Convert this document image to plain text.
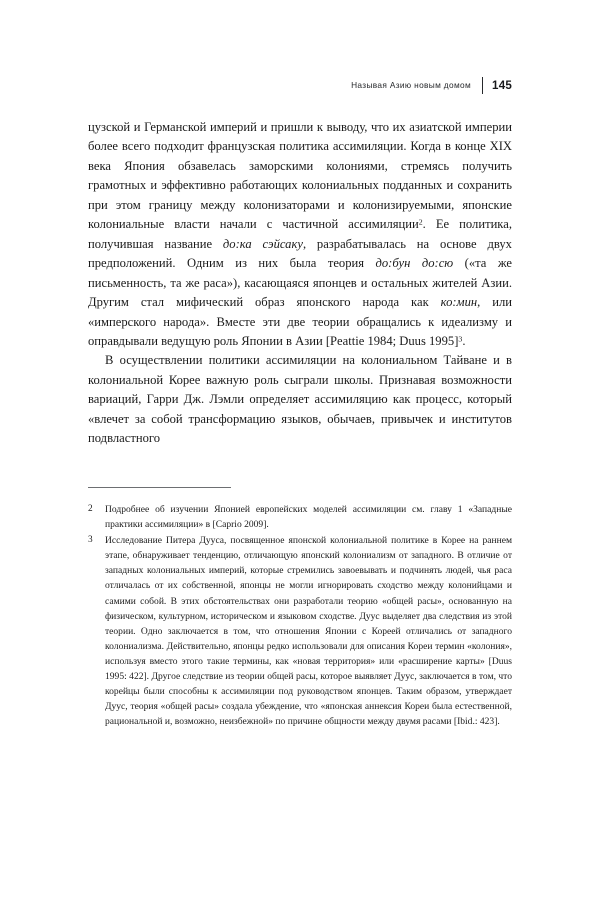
Называя Азию новым домом 145

цузской и Германской империй и пришли к выводу, что их азиатской империи более всего подходит французская политика ассимиляции. Когда в конце XIX века Япония обзавелась заморскими колониями, стремясь получить грамотных и эффективно работающих колониальных подданных и сохранить при этом границу между колонизаторами и колонизируемыми, японские колониальные власти начали с частичной ассимиляции$^2$. Ее политика, получившая название до:ка сэйсаку, разрабатывалась на основе двух предположений. Одним из них была теория до:бун до:сю («та же письменность, та же раса»), касающаяся японцев и остальных жителей Азии. Другим стал мифический образ японского народа как ко:мин, или «имперского народа». Вместе эти две теории обращались к идеализму и оправдывали ведущую роль Японии в Азии [Peattie 1984; Duus 1995]$^3$.

В осуществлении политики ассимиляции на колониальном Тайване и в колониальной Корее важную роль сыграли школы. Признавая возможности вариаций, Гарри Дж. Лэмли определяет ассимиляцию как процесс, который «влечет за собой трансформацию языков, обычаев, привычек и институтов подвластного

2	Подробнее об изучении Японией европейских моделей ассимиляции см. главу 1 «Западные практики ассимиляции» в [Caprio 2009].
3	Исследование Питера Дууса, посвященное японской колониальной политике в Корее на раннем этапе, обнаруживает тенденцию, отличающую японский колониализм от западного. В отличие от западных колониальных империй, которые стремились завоевывать и подчинять людей, чья раса отличалась от их собственной, японцы не могли игнорировать сходство между колонийцами и самими собой. В этих обстоятельствах они разработали теорию «общей расы», основанную на физическом, культурном, историческом и языковом сходстве. Дуус выделяет два следствия из этой теории. Одно заключается в том, что отношения Японии с Кореей отличались от западного колониализма. Действительно, японцы редко использовали для описания Кореи термин «колония», используя вместо этого такие термины, как «новая территория» или «расширение карты» [Duus 1995: 422]. Другое следствие из теории общей расы, которое выявляет Дуус, заключается в том, что корейцы были способны к ассимиляции под руководством японцев. Таким образом, утверждает Дуус, теория «общей расы» создала убеждение, что «японская аннексия Кореи была естественной, рациональной и, возможно, неизбежной» по причине общности между двумя расами [Ibid.: 423].
